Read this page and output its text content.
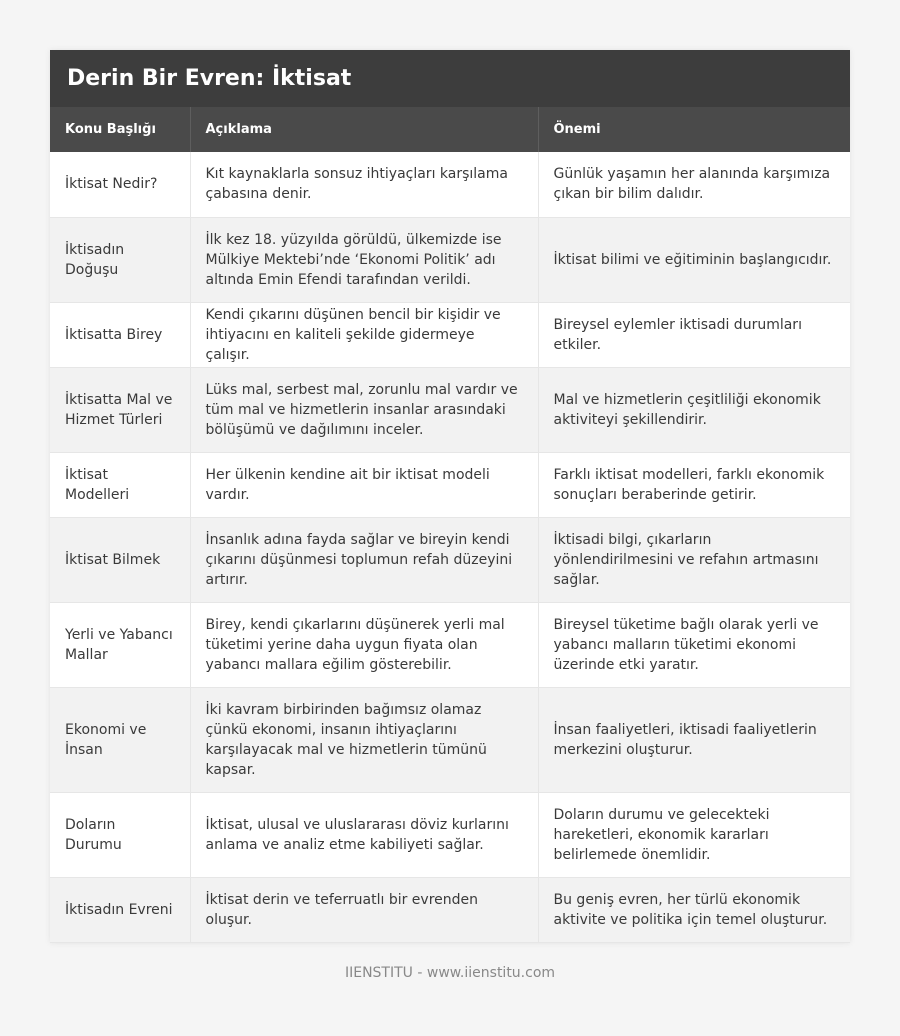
Derin Bir Evren: İktisat
Konu Başlığı	Açıklama	Önemi
İktisat Nedir?	Kıt kaynaklarla sonsuz ihtiyaçları karşılama çabasına denir.	Günlük yaşamın her alanında karşımıza çıkan bir bilim dalıdır.
İktisadın Doğuşu	İlk kez 18. yüzyılda görüldü, ülkemizde ise Mülkiye Mektebi’nde ‘Ekonomi Politik’ adı altında Emin Efendi tarafından verildi.	İktisat bilimi ve eğitiminin başlangıcıdır.
İktisatta Birey	Kendi çıkarını düşünen bencil bir kişidir ve ihtiyacını en kaliteli şekilde gidermeye çalışır.	Bireysel eylemler iktisadi durumları etkiler.
İktisatta Mal ve Hizmet Türleri	Lüks mal, serbest mal, zorunlu mal vardır ve tüm mal ve hizmetlerin insanlar arasındaki bölüşümü ve dağılımını inceler.	Mal ve hizmetlerin çeşitliliği ekonomik aktiviteyi şekillendirir.
İktisat Modelleri	Her ülkenin kendine ait bir iktisat modeli vardır.	Farklı iktisat modelleri, farklı ekonomik sonuçları beraberinde getirir.
İktisat Bilmek	İnsanlık adına fayda sağlar ve bireyin kendi çıkarını düşünmesi toplumun refah düzeyini artırır.	İktisadi bilgi, çıkarların yönlendirilmesini ve refahın artmasını sağlar.
Yerli ve Yabancı Mallar	Birey, kendi çıkarlarını düşünerek yerli mal tüketimi yerine daha uygun fiyata olan yabancı mallara eğilim gösterebilir.	Bireysel tüketime bağlı olarak yerli ve yabancı malların tüketimi ekonomi üzerinde etki yaratır.
Ekonomi ve İnsan	İki kavram birbirinden bağımsız olamaz çünkü ekonomi, insanın ihtiyaçlarını karşılayacak mal ve hizmetlerin tümünü kapsar.	İnsan faaliyetleri, iktisadi faaliyetlerin merkezini oluşturur.
Doların Durumu	İktisat, ulusal ve uluslararası döviz kurlarını anlama ve analiz etme kabiliyeti sağlar.	Doların durumu ve gelecekteki hareketleri, ekonomik kararları belirlemede önemlidir.
İktisadın Evreni	İktisat derin ve teferruatlı bir evrenden oluşur.	Bu geniş evren, her türlü ekonomik aktivite ve politika için temel oluşturur.
IIENSTITU - www.iienstitu.com
